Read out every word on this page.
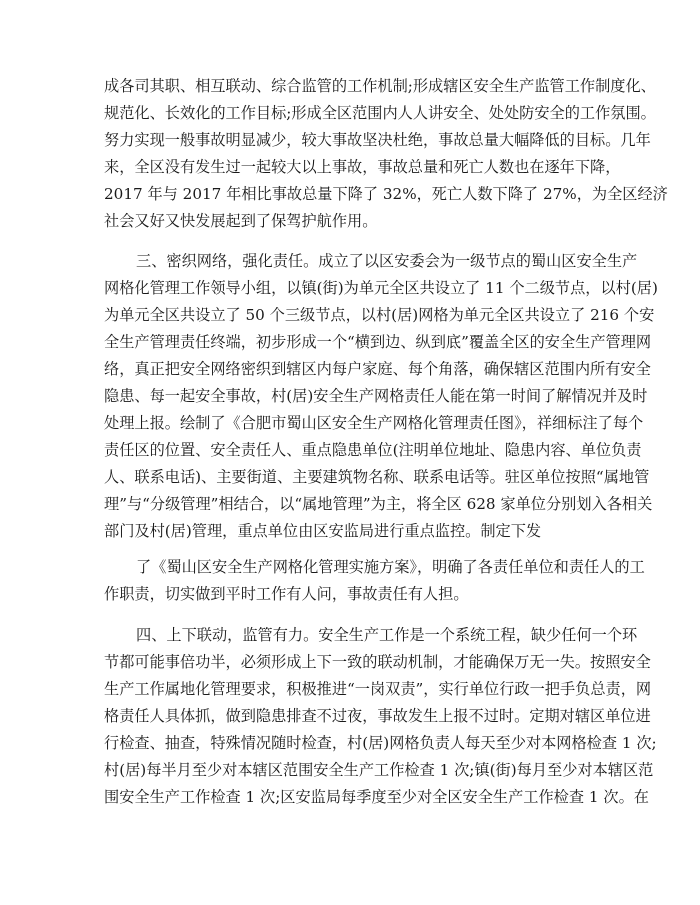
成各司其职、相互联动、综合监管的工作机制;形成辖区安全生产监管工作制度化、
规范化、长效化的工作目标;形成全区范围内人人讲安全、处处防安全的工作氛围。
努力实现一般事故明显减少，较大事故坚决杜绝，事故总量大幅降低的目标。几年
来，全区没有发生过一起较大以上事故，事故总量和死亡人数也在逐年下降，
2017 年与 2017 年相比事故总量下降了 32%，死亡人数下降了 27%，为全区经济
社会又好又快发展起到了保驾护航作用。
三、密织网络，强化责任。成立了以区安委会为一级节点的蜀山区安全生产
网格化管理工作领导小组，以镇(街)为单元全区共设立了 11 个二级节点，以村(居)
为单元全区共设立了 50 个三级节点，以村(居)网格为单元全区共设立了 216 个安
全生产管理责任终端，初步形成一个“横到边、纵到底”覆盖全区的安全生产管理网
络，真正把安全网络密织到辖区内每户家庭、每个角落，确保辖区范围内所有安全
隐患、每一起安全事故，村(居)安全生产网格责任人能在第一时间了解情况并及时
处理上报。绘制了《合肥市蜀山区安全生产网格化管理责任图》，祥细标注了每个
责任区的位置、安全责任人、重点隐患单位(注明单位地址、隐患内容、单位负责
人、联系电话)、主要街道、主要建筑物名称、联系电话等。驻区单位按照“属地管
理”与“分级管理”相结合，以“属地管理”为主，将全区 628 家单位分别划入各相关
部门及村(居)管理，重点单位由区安监局进行重点监控。制定下发
了《蜀山区安全生产网格化管理实施方案》，明确了各责任单位和责任人的工
作职责，切实做到平时工作有人问，事故责任有人担。
四、上下联动，监管有力。安全生产工作是一个系统工程，缺少任何一个环
节都可能事倍功半，必须形成上下一致的联动机制，才能确保万无一失。按照安全
生产工作属地化管理要求，积极推进“一岗双责”，实行单位行政一把手负总责，网
格责任人具体抓，做到隐患排查不过夜，事故发生上报不过时。定期对辖区单位进
行检查、抽查，特殊情况随时检查，村(居)网格负责人每天至少对本网格检查 1 次;
村(居)每半月至少对本辖区范围安全生产工作检查 1 次;镇(街)每月至少对本辖区范
围安全生产工作检查 1 次;区安监局每季度至少对全区安全生产工作检查 1 次。在
